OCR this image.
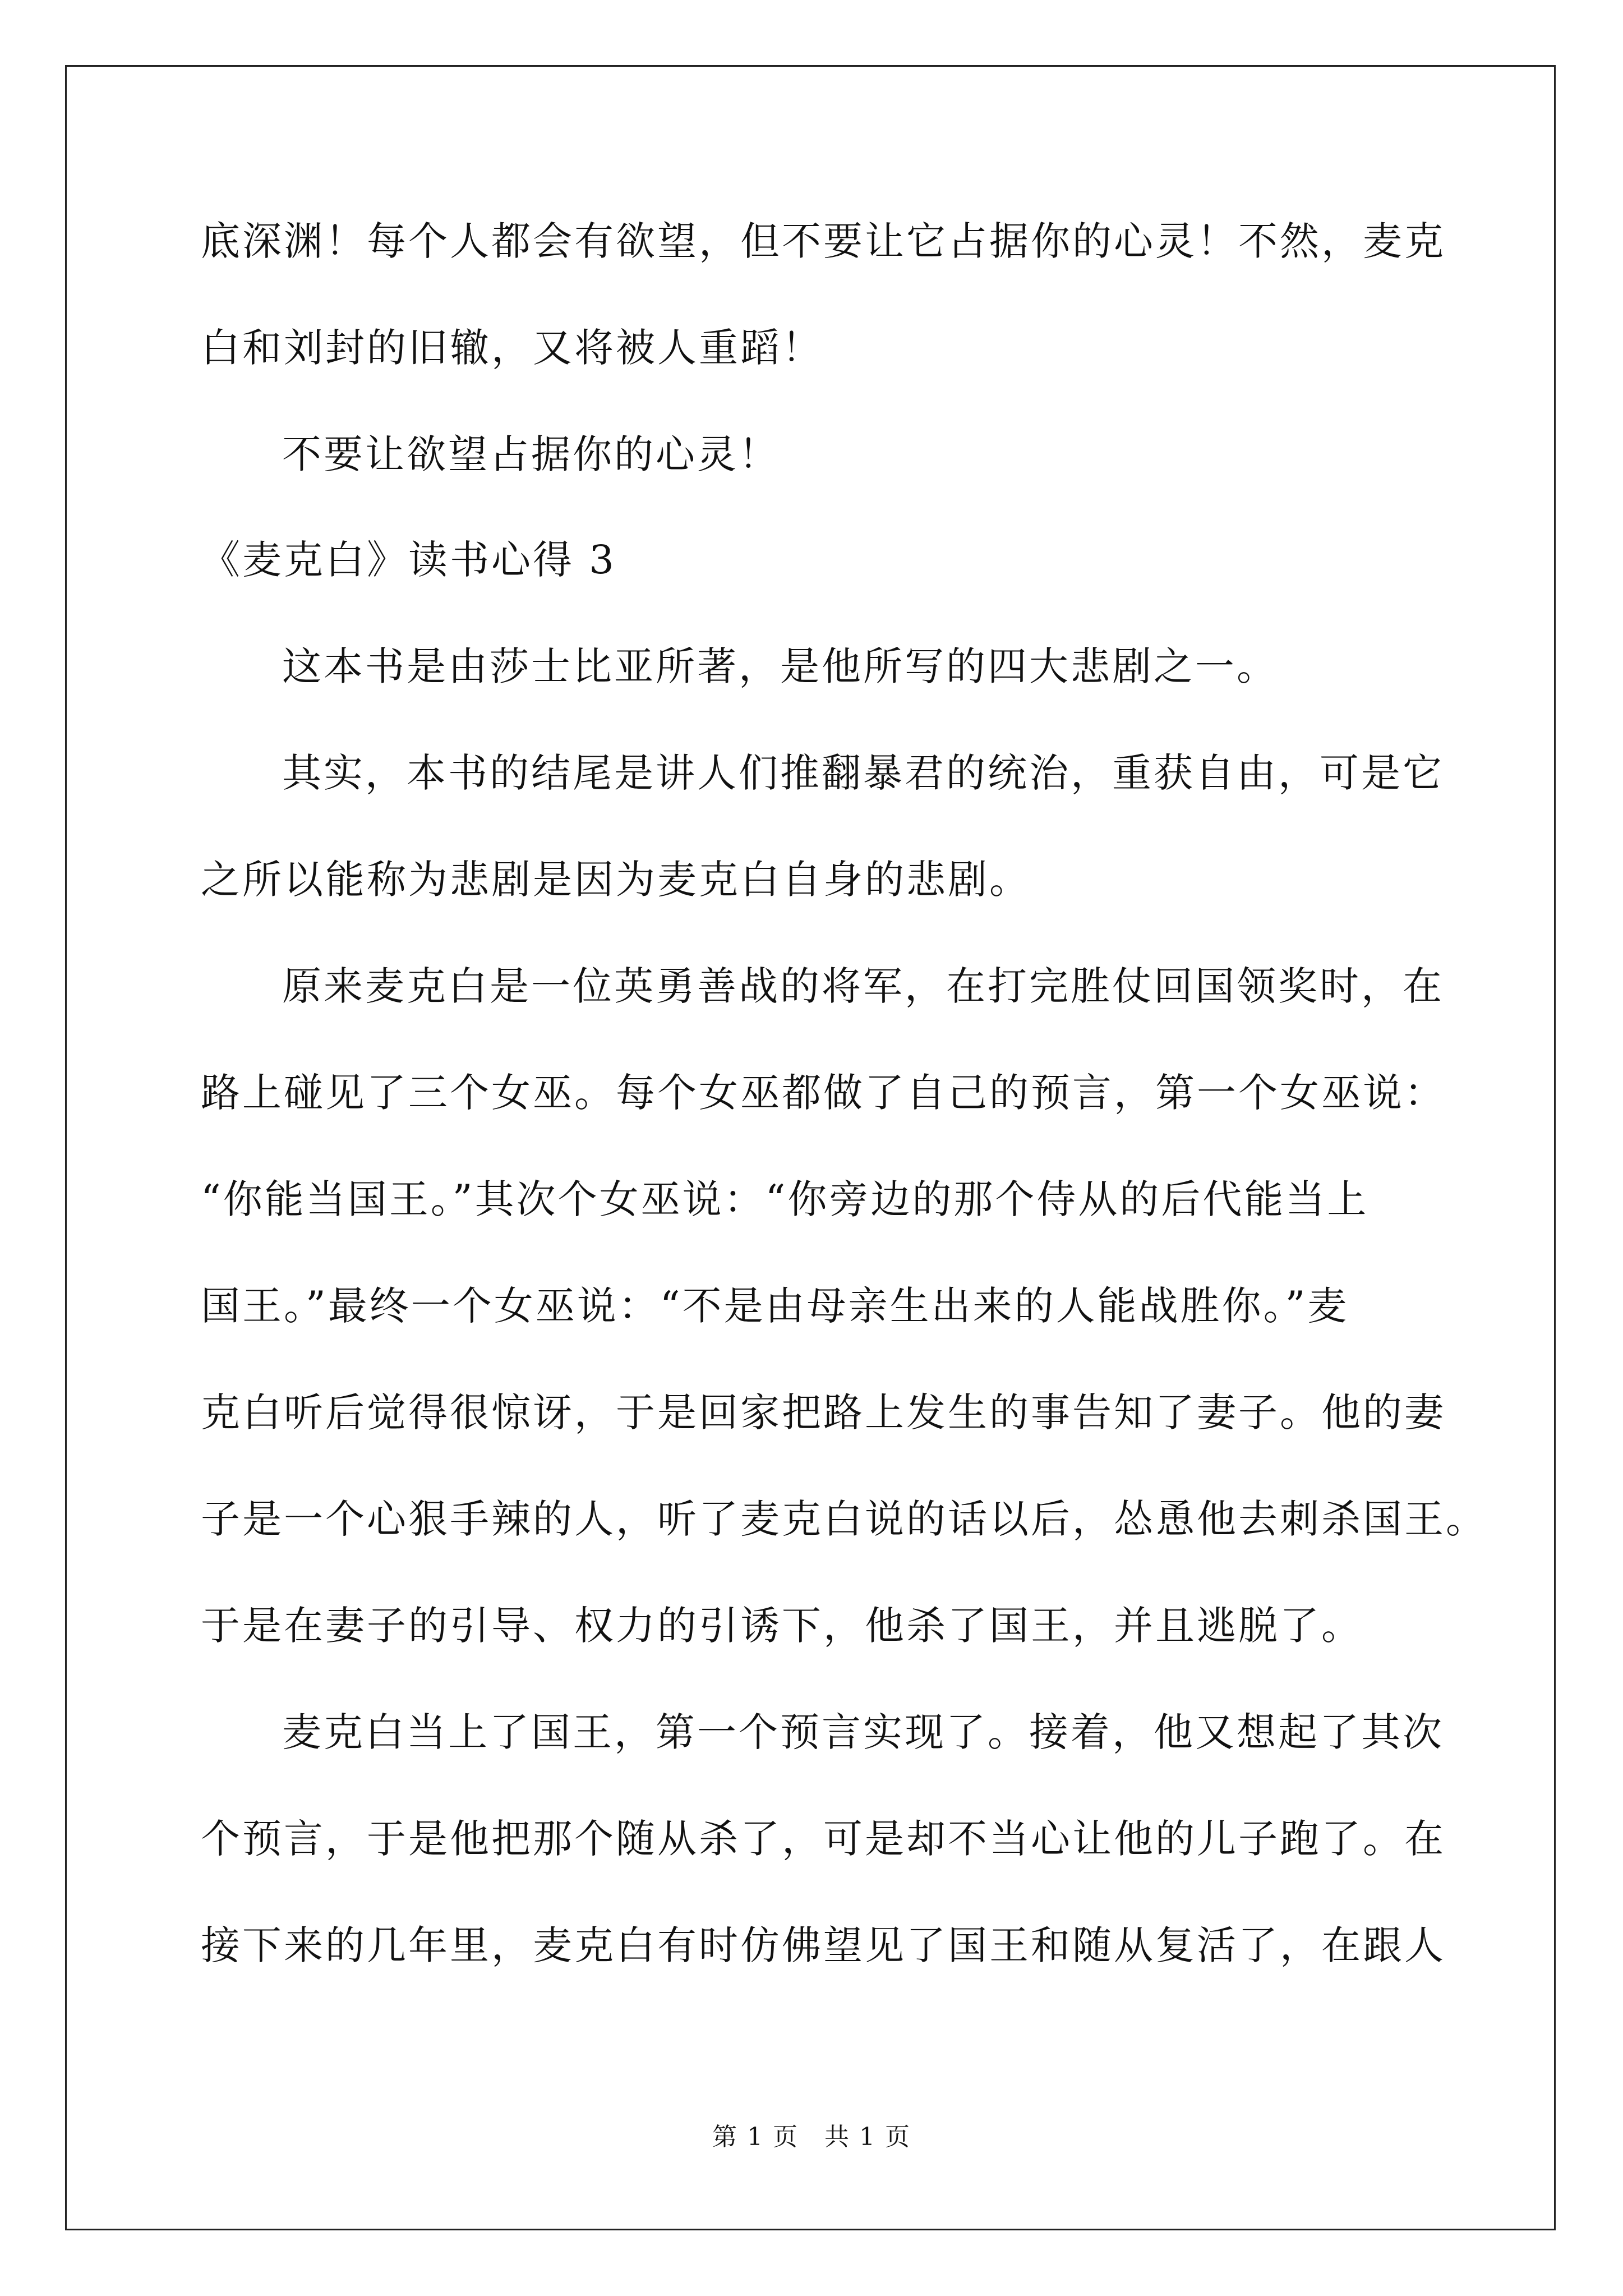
底深渊！每个人都会有欲望，但不要让它占据你的心灵！不然，麦克
白和刘封的旧辙，又将被人重蹈！
不要让欲望占据你的心灵！
《麦克白》读书心得 3
这本书是由莎士比亚所著，是他所写的四大悲剧之一。
其实，本书的结尾是讲人们推翻暴君的统治，重获自由，可是它
之所以能称为悲剧是因为麦克白自身的悲剧。
原来麦克白是一位英勇善战的将军，在打完胜仗回国领奖时，在
路上碰见了三个女巫。每个女巫都做了自己的预言，第一个女巫说：
“你能当国王。”其次个女巫说：“你旁边的那个侍从的后代能当上
国王。”最终一个女巫说：“不是由母亲生出来的人能战胜你。”麦
克白听后觉得很惊讶，于是回家把路上发生的事告知了妻子。他的妻
子是一个心狠手辣的人，听了麦克白说的话以后，怂恿他去刺杀国王。
于是在妻子的引导、权力的引诱下，他杀了国王，并且逃脱了。
麦克白当上了国王，第一个预言实现了。接着，他又想起了其次
个预言，于是他把那个随从杀了，可是却不当心让他的儿子跑了。在
接下来的几年里，麦克白有时仿佛望见了国王和随从复活了，在跟人
第 1 页　共 1 页
